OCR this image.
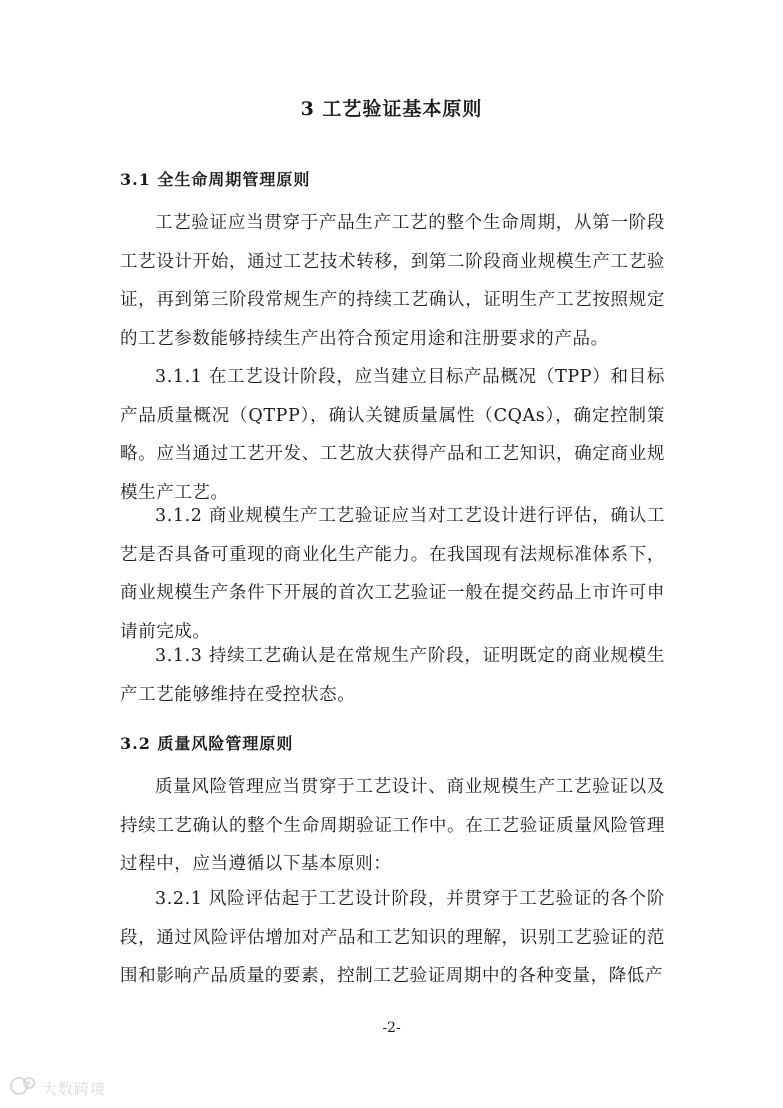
3 工艺验证基本原则
3.1 全生命周期管理原则
工艺验证应当贯穿于产品生产工艺的整个生命周期，从第一阶段工艺设计开始，通过工艺技术转移，到第二阶段商业规模生产工艺验证，再到第三阶段常规生产的持续工艺确认，证明生产工艺按照规定的工艺参数能够持续生产出符合预定用途和注册要求的产品。
3.1.1 在工艺设计阶段，应当建立目标产品概况（TPP）和目标产品质量概况（QTPP），确认关键质量属性（CQAs），确定控制策略。应当通过工艺开发、工艺放大获得产品和工艺知识，确定商业规模生产工艺。
3.1.2 商业规模生产工艺验证应当对工艺设计进行评估，确认工艺是否具备可重现的商业化生产能力。在我国现有法规标准体系下，商业规模生产条件下开展的首次工艺验证一般在提交药品上市许可申请前完成。
3.1.3 持续工艺确认是在常规生产阶段，证明既定的商业规模生产工艺能够维持在受控状态。
3.2 质量风险管理原则
质量风险管理应当贯穿于工艺设计、商业规模生产工艺验证以及持续工艺确认的整个生命周期验证工作中。在工艺验证质量风险管理过程中，应当遵循以下基本原则：
3.2.1 风险评估起于工艺设计阶段，并贯穿于工艺验证的各个阶段，通过风险评估增加对产品和工艺知识的理解，识别工艺验证的范围和影响产品质量的要素，控制工艺验证周期中的各种变量，降低产
-2-
大数跨境
